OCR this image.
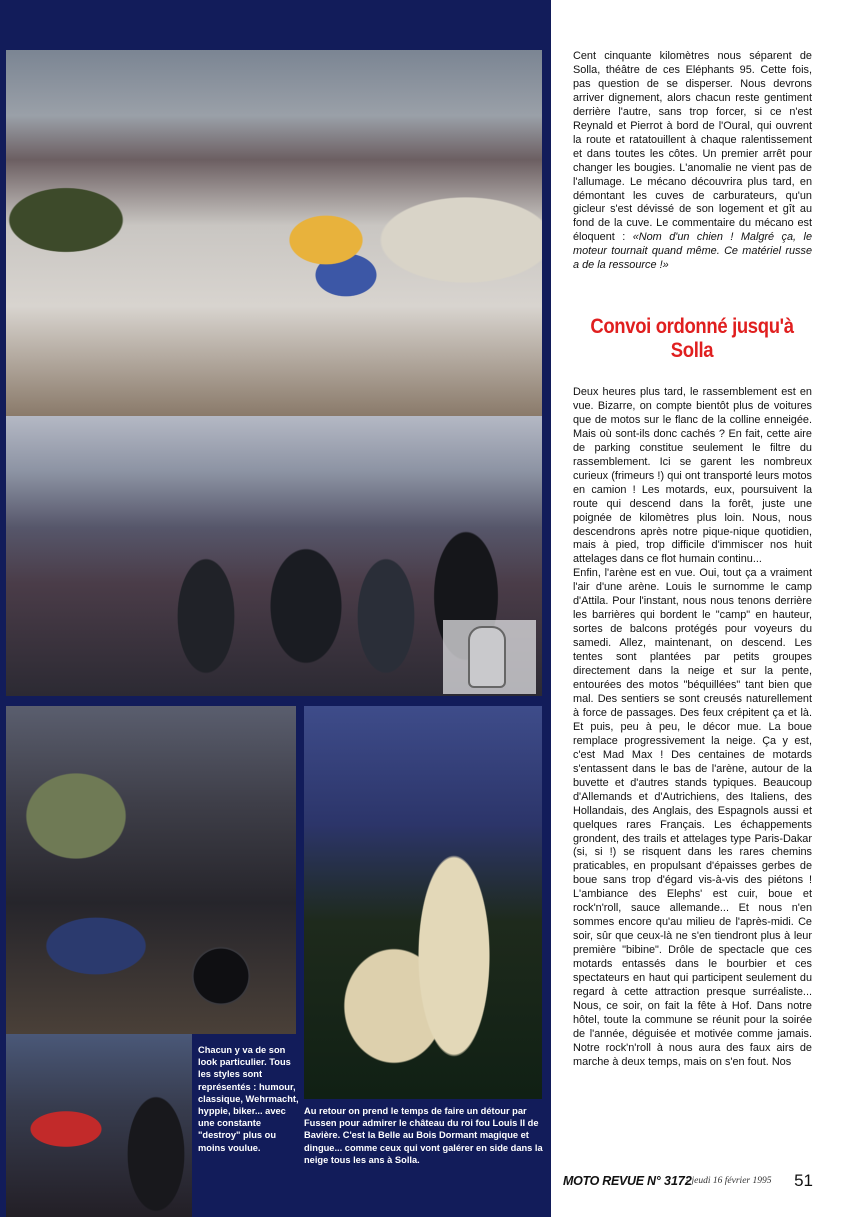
Chacun y va de son look particulier. Tous les styles sont représentés : humour, classique, Wehrmacht, hyppie, biker... avec une constante "destroy" plus ou moins voulue.
Au retour on prend le temps de faire un détour par Fussen pour admirer le château du roi fou Louis II de Bavière. C'est la Belle au Bois Dormant magique et dingue... comme ceux qui vont galérer en side dans la neige tous les ans à Solla.

Cent cinquante kilomètres nous séparent de Solla, théâtre de ces Eléphants 95. Cette fois, pas question de se disperser. Nous devrons arriver dignement, alors chacun reste gentiment derrière l'autre, sans trop forcer, si ce n'est Reynald et Pierrot à bord de l'Oural, qui ouvrent la route et ratatouillent à chaque ralentissement et dans toutes les côtes. Un premier arrêt pour changer les bougies. L'anomalie ne vient pas de l'allumage. Le mécano découvrira plus tard, en démontant les cuves de carburateurs, qu'un gicleur s'est dévissé de son logement et gît au fond de la cuve. Le commentaire du mécano est éloquent : «Nom d'un chien ! Malgré ça, le moteur tournait quand même. Ce matériel russe a de la ressource !»

Convoi ordonné jusqu'à Solla

Deux heures plus tard, le rassemblement est en vue. Bizarre, on compte bientôt plus de voitures que de motos sur le flanc de la colline enneigée. Mais où sont-ils donc cachés ? En fait, cette aire de parking constitue seulement le filtre du rassemblement. Ici se garent les nombreux curieux (frimeurs !) qui ont transporté leurs motos en camion ! Les motards, eux, poursuivent la route qui descend dans la forêt, juste une poignée de kilomètres plus loin. Nous, nous descendrons après notre pique-nique quotidien, mais à pied, trop difficile d'immiscer nos huit attelages dans ce flot humain continu...

Enfin, l'arène est en vue. Oui, tout ça a vraiment l'air d'une arène. Louis le surnomme le camp d'Attila. Pour l'instant, nous nous tenons derrière les barrières qui bordent le "camp" en hauteur, sortes de balcons protégés pour voyeurs du samedi. Allez, maintenant, on descend. Les tentes sont plantées par petits groupes directement dans la neige et sur la pente, entourées des motos "béquillées" tant bien que mal. Des sentiers se sont creusés naturellement à force de passages. Des feux crépitent ça et là. Et puis, peu à peu, le décor mue. La boue remplace progressivement la neige. Ça y est, c'est Mad Max ! Des centaines de motards s'entassent dans le bas de l'arène, autour de la buvette et d'autres stands typiques. Beaucoup d'Allemands et d'Autrichiens, des Italiens, des Hollandais, des Anglais, des Espagnols aussi et quelques rares Français. Les échappements grondent, des trails et attelages type Paris-Dakar (si, si !) se risquent dans les rares chemins praticables, en propulsant d'épaisses gerbes de boue sans trop d'égard vis-à-vis des piétons ! L'ambiance des Elephs' est cuir, boue et rock'n'roll, sauce allemande... Et nous n'en sommes encore qu'au milieu de l'après-midi. Ce soir, sûr que ceux-là ne s'en tiendront plus à leur première "bibine". Drôle de spectacle que ces motards entassés dans le bourbier et ces spectateurs en haut qui participent seulement du regard à cette attraction presque surréaliste... Nous, ce soir, on fait la fête à Hof. Dans notre hôtel, toute la commune se réunit pour la soirée de l'année, déguisée et motivée comme jamais. Notre rock'n'roll à nous aura des faux airs de marche à deux temps, mais on s'en fout. Nos

MOTO REVUE N° 3172
- jeudi 16 février 1995 51
